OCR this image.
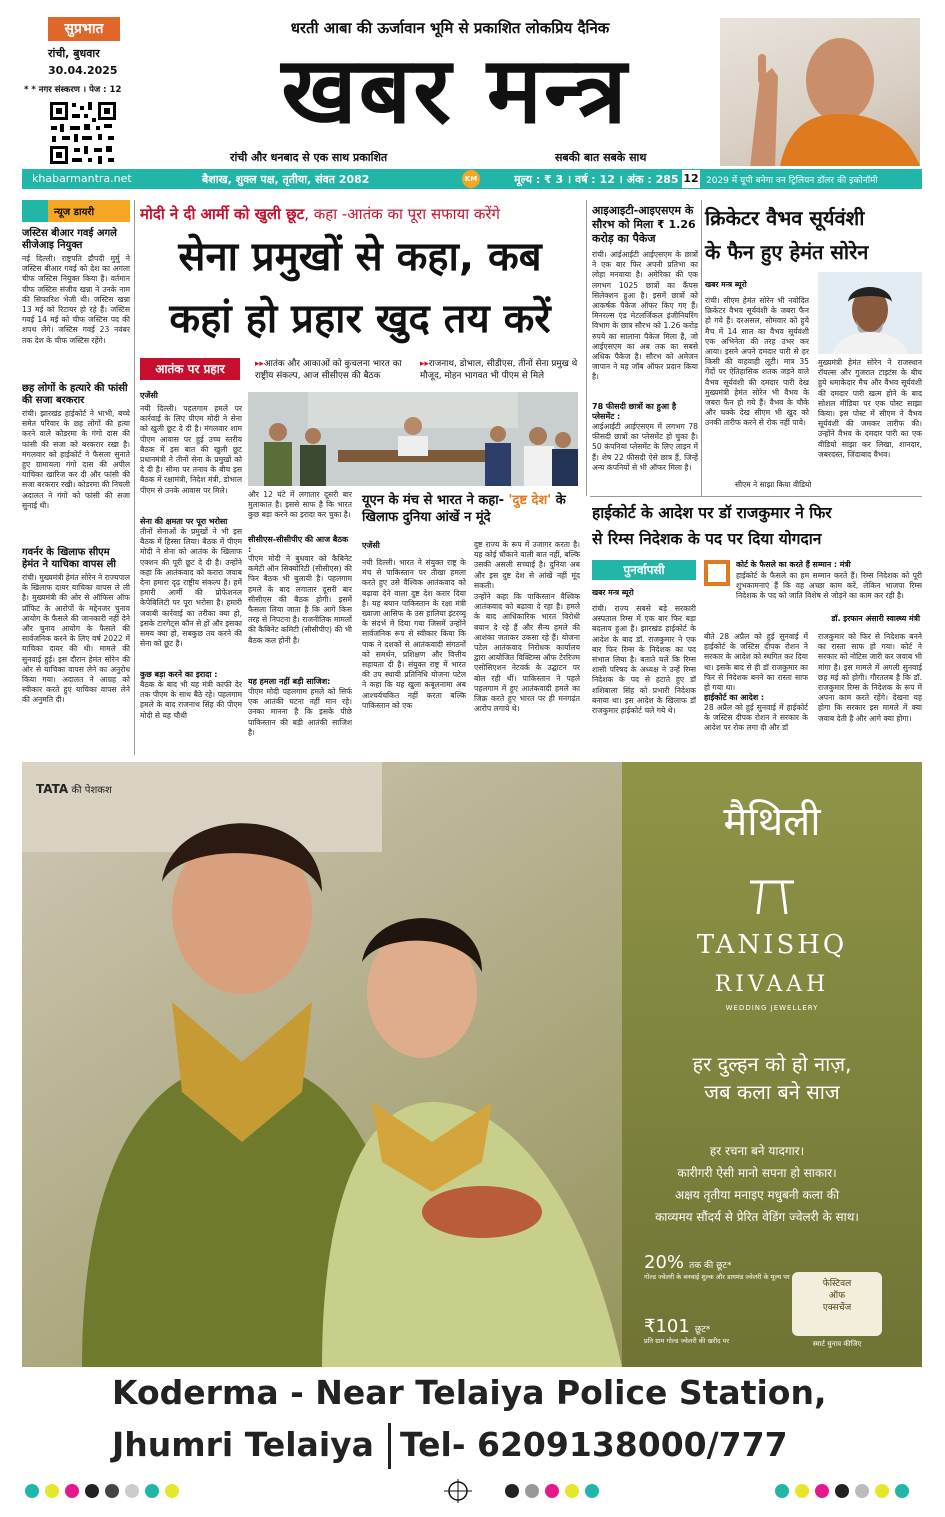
सुप्रभात
रांची, बुधवार
30.04.2025
* * नगर संस्करण । पेज : 12
धरती आबा की ऊर्जावान भूमि से प्रकाशित लोकप्रिय दैनिक
खबर मन्त्र
रांची और धनबाद से एक साथ प्रकाशित	सबकी बात सबके साथ
khabarmantra.net	बैशाख, शुक्ल पक्ष, तृतीया, संवत 2082	KM	मूल्य : ₹ 3 । वर्ष : 12 । अंक : 285 12 2029 में यूपी बनेगा वन ट्रिलियन डॉलर की इकोनॉमी
न्यूज डायरी
जस्टिस बीआर गवई अगले सीजेआइ नियुक्त
नई दिल्ली। राष्ट्रपति द्रौपदी मुर्मु ने जस्टिस बीआर गवई को देश का अगला चीफ जस्टिस नियुक्त किया है। वर्तमान चीफ जस्टिस संजीव खन्ना ने उनके नाम की सिफारिश भेजी थी। जस्टिस खन्ना 13 मई को रिटायर हो रहे हैं। जस्टिस गवई 14 मई को चीफ जस्टिस पद की शपथ लेंगे। जस्टिस गवई 23 नवंबर तक देश के चीफ जस्टिस रहेंगे।
छह लोगों के हत्यारे की फांसी की सजा बरकरार
रांची। झारखंड हाईकोर्ट ने भाभी, बच्चे समेत परिवार के छह लोगों की हत्या करने वाले कोडरमा के गंगो दास की फांसी की सजा को बरकरार रखा है। मंगलवार को हाईकोर्ट ने फैसला सुनाते हुए ग्रामायला गंगो दास की अपील याचिका खारिज कर दी और फांसी की सजा बरकरार रखी। कोडरमा की निचली अदालत ने गंगो को फांसी की सजा सुनाई थी।
गवर्नर के खिलाफ सीएम हेमंत ने याचिका वापस ली
रांची। मुख्यमंत्री हेमंत सोरेन ने राज्यपाल के खिलाफ दायर याचिका वापस ले ली है। मुख्यमंत्री की ओर से ऑफिस ऑफ प्रॉफिट के आरोपों के मद्देनजर चुनाव आयोग के फैसले की जानकारी नहीं देने और चुनाव आयोग के फैसले की सार्वजनिक करने के लिए वर्ष 2022 में याचिका दायर की थी। मामले की सुनवाई हुई। इस दौरान हेमंत सोरेन की ओर से याचिका वापस लेने का अनुरोध किया गया। अदालत ने आग्रह को स्वीकार करते हुए याचिका वापस लेने की अनुमति दी।
मोदी ने दी आर्मी को खुली छूट, कहा -आतंक का पूरा सफाया करेंगे
सेना प्रमुखों से कहा, कब
कहां हो प्रहार खुद तय करें
आतंक पर प्रहार	▸▸आतंक और आकाओं को कुचलना भारत का राष्ट्रीय संकल्प, आज सीसीएस की बैठक
▸▸राजनाथ, डोभाल, सीडीएस, तीनों सेना प्रमुख थे मौजूद, मोहन भागवत भी पीएम से मिले
एजेंसी
नयी दिल्ली। पहलगाम हमले पर कार्रवाई के लिए पीएम मोदी ने सेना को खुली छूट दे दी है। मंगलवार शाम पीएम आवास पर हुई उच्च स्तरीय बैठक में इस बात की खुली छूट प्रधानमंत्री ने तीनों सेना के प्रमुखों को दे दी है। सीमा पर तनाव के बीच इस बैठक में रक्षामंत्री, निदेश मंत्री, डोभाल पीएम से उनके आवास पर मिले।
सेना की क्षमता पर पूरा भरोसा
तीनों सेनाओं के प्रमुखों ने भी इस बैठक में हिस्सा लिया। बैठक में पीएम मोदी ने सेना को आतंक के खिलाफ एक्शन की पूरी छूट दे दी है। उन्होंने कहा कि आतंकवाद को करारा जवाब देना हमारा दृढ़ राष्ट्रीय संकल्प है। हमें हमारी आर्मी की प्रोफेशनल केपेबिलिटी पर पूरा भरोसा है। हमारी जवाबी कार्रवाई का तरीका क्या हो, इसके टारगेट्स कौन से हों और इसका समय क्या हो, सबकुछ तय करने की सेना को छूट है।
कुछ बड़ा करने का इरादा :
बैठक के बाद भी यह मंत्री काफी देर तक पीएम के साथ बैठे रहे। पहलगाम हमले के बाद राजनाथ सिंह की पीएम मोदी से यह चौथी
और 12 घंटे में लगातार दूसरी बार मुलाकात है। इससे साफ है कि भारत कुछ बड़ा करने का इरादा कर चुका है।
सीसीएस-सीसीपीए की आज बैठक :
पीएम मोदी ने बुधवार को कैबिनेट कमेटी ऑन सिक्योरिटी (सीसीएस) की फिर बैठक भी बुलायी है। पहलगाम हमले के बाद लगातार दूसरी बार सीसीएस की बैठक होगी। इसमें फैसला लिया जाता है कि आगे किस तरह से निपटना है। राजनीतिक मामलों की कैबिनेट कमिटी (सीसीपीए) की भी बैठक कल होनी है।
यह हमला नहीं बड़ी साजिश:
पीएम मोदी पहलगाम हमले को सिर्फ एक आतंकी घटना नहीं मान रहे। उनका मानना है कि इसके पीछे पाकिस्तान की बड़ी आतंकी साजिश है।
यूएन के मंच से भारत ने कहा- 'दुष्ट देश' के खिलाफ दुनिया आंखें न मूंदे
एजेंसी
नयी दिल्ली। भारत ने संयुक्त राष्ट्र के मंच से पाकिस्तान पर तीखा हमला करते हुए उसे वैश्विक आतंकवाद को बढ़ावा देने वाला दुष्ट देश करार दिया है। यह बयान पाकिस्तान के रक्षा मंत्री ख्वाजा आसिफ के उस हालिया इंटरव्यू के संदर्भ में दिया गया जिसमें उन्होंने सार्वजनिक रूप से स्वीकार किया कि पाक ने दशकों से आतंकवादी संगठनों को समर्थन, प्रशिक्षण और वित्तीय सहायता दी है। संयुक्त राष्ट्र में भारत की उप स्थायी प्रतिनिधि योजना पटेल ने कहा कि यह खुला कबूलनामा अब आश्चर्यचकित नहीं करता बल्कि पाकिस्तान को एक
दुष्ट राज्य के रूप में उजागर करता है। यह कोई चौंकाने वाली बात नहीं, बल्कि उसकी असली सच्चाई है। दुनिया अब और इस दुष्ट देश से आंखें नहीं मूंद सकती।
उन्होंने कहा कि पाकिस्तान वैश्विक आतंकवाद को बढ़ावा दे रहा है। हमले के बाद आधिकारिक भारत विरोधी बयान दे रहे हैं और सैन्य हमले की आशंका जताकर उकसा रहे हैं। योजना पटेल आतंकवाद निरोधक कार्यालय द्वारा आयोजित विक्टिम्स ऑफ टेररिज्म एसोसिएशन नेटवर्क के उद्घाटन पर बोल रही थीं। पाकिस्तान ने पहले पहलगाम में हुए आतंकवादी हमले का जिक्र करते हुए भारत पर ही मनगढ़ंत आरोप लगाये थे।
आइआइटी-आइएसएम के सौरभ को मिला ₹ 1.26 करोड़ का पैकेज
रांची। आईआईटी आईएसएम के छात्रों ने एक बार फिर अपनी प्रतिभा का लोहा मनवाया है। अमेरिका की एक लगभग 1025 छात्रों का कैंपस सिलेक्शन हुआ है। इसमें छात्रों को आकर्षक पैकेज ऑफर किए गए हैं। मिनरल्स एंड मेटलर्जिकल इंजीनियरिंग विभाग के छात्र सौरभ को 1.26 करोड़ रुपये का सालाना पैकेज मिला है, जो आईएसएम का अब तक का सबसे अधिक पैकेज है। सौरभ को अमेजन जापान ने यह जॉब ऑफर प्रदान किया है।
78 फीसदी छात्रों का हुआ है प्लेसमेंट :
आईआईटी आईएसएम में लगभग 78 फीसदी छात्रों का प्लेसमेंट हो चुका है। 50 कंपनियां प्लेसमेंट के लिए लाइन में हैं। शेष 22 फीसदी ऐसे छात्र हैं, जिन्हें अन्य कंपनियों से भी ऑफर मिला है।
क्रिकेटर वैभव सूर्यवंशी
के फैन हुए हेमंत सोरेन
खबर मन्त्र ब्यूरो
रांची। सीएम हेमंत सोरेन भी नवोदित क्रिकेटर वैभव सूर्यवंशी के जबरा फैन हो गये हैं। दरअसल, सोमवार को हुये मैच में 14 साल का वैभव सूर्यवंशी एक अभिनेता की तरह उभर कर आया। इसने अपने दमदार पारी से हर किसी की वाहवाही लूटी। मात्र 35 गेंदों पर ऐतिहासिक शतक जड़ने वाले वैभव सूर्यवंशी की दमदार पारी देख मुख्यमंत्री हेमंत सोरेन भी वैभव के जबरा फैन हो गये हैं। वैभव के चौके और चक्के देख सीएम भी खुद को उनकी तारीफ करने से रोक नहीं पाये।
सीएम ने साझा किया वीडियो
मुख्यमंत्री हेमंत सोरेन ने राजस्थान रॉयल्स और गुजरात टाइटंस के बीच हुये धमाकेदार मैच और वैभव सूर्यवंशी की दमदार पारी खत्म होने के बाद सोशल मीडिया पर एक पोस्ट साझा किया। इस पोस्ट में सीएम ने वैभव सूर्यवंशी की जमकर तारीफ की। उन्होंने वैभव के दमदार पारी का एक वीडियो साझा कर लिखा, शानदार, जबरदस्त, जिंदाबाद वैभव।
हाईकोर्ट के आदेश पर डॉ राजकुमार ने फिर
से रिम्स निदेशक के पद पर दिया योगदान
पुनर्वापसी
खबर मन्त्र ब्यूरो
कोर्ट के फैसले का करते हैं सम्मान : मंत्री
हाईकोर्ट के फैसले का हम सम्मान करते हैं। रिम्स निदेशक को पूरी शुभकामनाएं हैं कि वह अच्छा काम करें, लेकिन भाजपा रिम्स निदेशक के पद को जाति विशेष से जोड़ने का काम कर रही है।
डॉ. इरफान अंसारी स्वास्थ्य मंत्री
रांची। राज्य सबसे बड़े सरकारी अस्पताल रिम्स में एक बार फिर बड़ा बदलाव हुआ है। झारखंड हाईकोर्ट के आदेश के बाद डॉ. राजकुमार ने एक बार फिर रिम्स के निदेशक का पद संभाल लिया है। बताते चलें कि रिम्स शासी परिषद के अध्यक्ष ने उन्हें रिम्स निदेशक के पद से हटाते हुए डॉ शशिबाला सिंह को प्रभारी निदेशक बनाया था। इस आदेश के खिलाफ डॉ राजकुमार हाईकोर्ट चले गये थे।
बीते 28 अप्रैल को हुई सुनवाई में हाईकोर्ट के जस्टिस दीपक रोशन ने सरकार के आदेश को स्थगित कर दिया था। इसके बाद से ही डॉ राजकुमार का फिर से निदेशक बनने का रास्ता साफ हो गया था।
हाईकोर्ट का आदेश :
28 अप्रैल को हुई सुनवाई में हाईकोर्ट के जस्टिस दीपक रोशन ने सरकार के आदेश पर रोक लगा दी और डॉ
राजकुमार को फिर से निदेशक बनने का रास्ता साफ हो गया। कोर्ट ने सरकार को नोटिस जारी कर जवाब भी मांगा है। इस मामले में अगली सुनवाई छह मई को होगी। गौरतलब है कि डॉ. राजकुमार रिम्स के निदेशक के रूप में अपना काम करते रहेंगे। देखना यह होगा कि सरकार इस मामले में क्या जवाब देती है और आगे क्या होगा।
TATA की पेशकश
मैथिली
TANISHQ
RIVAAH
WEDDING JEWELLERY
हर दुल्हन को हो नाज़,
जब कला बने साज
हर रचना बने यादगार।
कारीगरी ऐसी मानो सपना हो साकार।
अक्षय तृतीया मनाइए मधुबनी कला की
काव्यमय सौंदर्य से प्रेरित वेडिंग ज्वेलरी के साथ।
20% तक की छूट*
गोल्ड ज्वेलरी के बनवाई शुल्क और डायमंड ज्वेलरी के मूल्य पर
₹101 छूट*
प्रति ग्राम गोल्ड ज्वेलरी की खरीद पर
फेस्टिवल
ऑफ
एक्सचेंज
स्मार्ट चुनाव कीजिए
Koderma - Near Telaiya Police Station,
Jhumri Telaiya Tel- 6209138000/777
